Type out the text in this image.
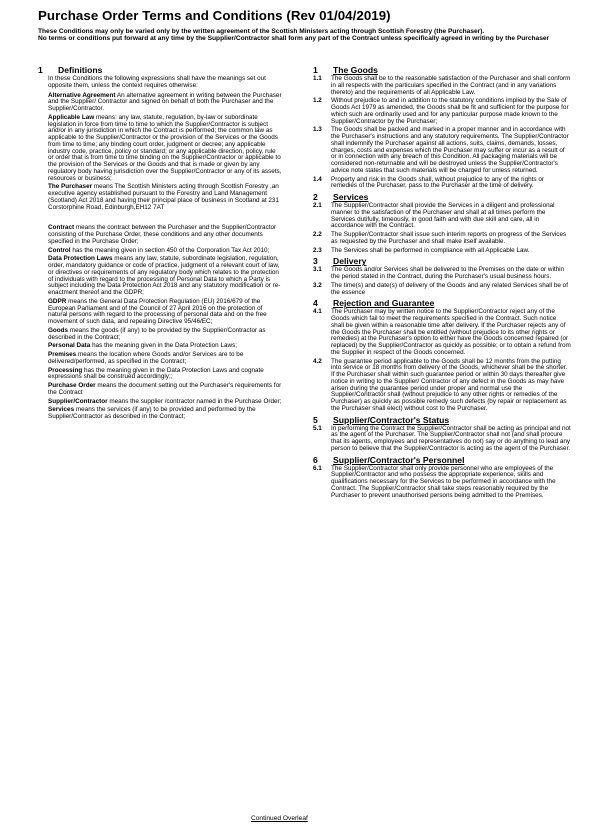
Purchase Order Terms and Conditions (Rev 01/04/2019)

These Conditions may only be varied only by the written agreement of the Scottish Ministers acting through Scottish Forestry (the Purchaser).

No terms or conditions put forward at any time by the Supplier/Contractor shall form any part of the Contract unless specifically agreed in writing by the Purchaser

1 Definitions

In these Conditions the following expressions shall have the meanings set out opposite them, unless the context requires otherwise:

Alternative Agreement An alternative agreement in writing between the Purchaser and the Supplier/ Contractor and signed on behalf of both the Purchaser and the Supplier/Contractor.

Applicable Law means: any law, statute, regulation, by-law or subordinate legislation in force from time to time to which the Supplier/Contractor is subject and/or in any jurisdiction in which the Contract is performed; the common law as applicable to the Supplier/Contractor or the provision of the Services or the Goods from time to time; any binding court order, judgment or decree; any applicable industry code, practice, policy or standard; or any applicable direction, policy, rule or order that is from time to time binding on the Supplier/Contractor or applicable to the provision of the Services or the Goods and that is made or given by any regulatory body having jurisdiction over the Supplier/Contractor or any of its assets, resources or business;

The Purchaser means The Scottish Ministers acting through Scottish Forestry ,an executive agency established pursuant to the Forestry and Land Management (Scotland) Act 2018 and having their principal place of business in Scotland at 231 Corstorphine Road, Edinburgh,EH12 7AT

Contract means the contract between the Purchaser and the Supplier/Contractor consisting of the Purchase Order, these conditions and any other documents specified in the Purchase Order;

Control has the meaning given in section 450 of the Corporation Tax Act 2010;

Data Protection Laws means any law, statute, subordinate legislation, regulation, order, mandatory guidance or code of practice, judgment of a relevant court of law, or directives or requirements of any regulatory body which relates to the protection of individuals with regard to the processing of Personal Data to which a Party is subject including the Data Protection Act 2018 and any statutory modification or re-enactment thereof and the GDPR;

GDPR means the General Data Protection Regulation (EU) 2016/679 of the European Parliament and of the Council of 27 April 2016 on the protection of natural persons with regard to the processing of personal data and on the free movement of such data, and repealing Directive 95/46/EC;

Goods means the goods (if any) to be provided by the Supplier/Contractor as described in the Contract;

Personal Data has the meaning given in the Data Protection Laws;

Premises means the location where Goods and/or Services are to be delivered/performed, as specified in the Contract;

Processing has the meaning given in the Data Protection Laws and cognate expressions shall be construed accordingly;;

Purchase Order means the document setting out the Purchaser's requirements for the Contract

Supplier/Contractor means the supplier /contractor named in the Purchase Order;

Services means the services (if any) to be provided and performed by the Supplier/Contractor as described in the Contract;

1 The Goods
1.1 The Goods shall be to the reasonable satisfaction of the Purchaser and shall conform in all respects with the particulars specified in the Contract (and in any variations thereto) and the requirements of all Applicable Law.
1.2 Without prejudice to and in addition to the statutory conditions implied by the Sale of Goods Act 1979 as amended, the Goods shall be fit and sufficient for the purpose for which such are ordinarily used and for any particular purpose made known to the Supplier/Contractor by the Purchaser;
1.3 The Goods shall be packed and marked in a proper manner and in accordance with the Purchaser's instructions and any statutory requirements. The Supplier/Contractor shall indemnify the Purchaser against all actions, suits, claims, demands, losses, charges, costs and expenses which the Purchaser may suffer or incur as a result of or in connection with any breach of this Condition. All packaging materials will be considered non-returnable and will be destroyed unless the Supplier/Contractor's advice note states that such materials will be charged for unless returned.
1.4 Property and risk in the Goods shall, without prejudice to any of the rights or remedies of the Purchaser, pass to the Purchaser at the time of delivery.
2 Services
2.1 The Supplier/Contractor shall provide the Services in a diligent and professional manner to the satisfaction of the Purchaser and shall at all times perform the Services dutifully, timeously, in good faith and with due skill and care, all in accordance with the Contract.
2.2 The Supplier/Contractor shall issue such interim reports on progress of the Services as requested by the Purchaser and shall make itself available.
2.3 The Services shall be performed in compliance with all Applicable Law.
3 Delivery
3.1 The Goods and/or Services shall be delivered to the Premises on the date or within the period stated in the Contract, during the Purchaser's usual business hours.
3.2 The time(s) and date(s) of delivery of the Goods and any related Services shall be of the essence
4 Rejection and Guarantee
4.1 The Purchaser may by written notice to the Supplier/Contractor reject any of the Goods which fail to meet the requirements specified in the Contract. Such notice shall be given within a reasonable time after delivery. If the Purchaser rejects any of the Goods the Purchaser shall be entitled (without prejudice to its other rights or remedies) at the Purchaser's option to either have the Goods concerned repaired (or replaced) by the Supplier/Contractor as quickly as possible; or to obtain a refund from the Supplier in respect of the Goods concerned.
4.2 The guarantee period applicable to the Goods shall be 12 months from the putting into service or 18 months from delivery of the Goods, whichever shall be the shorter. If the Purchaser shall within such guarantee period or within 30 days thereafter give notice in writing to the Supplier/ Contractor of any defect in the Goods as may have arisen during the guarantee period under proper and normal use the Supplier/Contractor shall (without prejudice to any other rights or remedies of the Purchaser) as quickly as possible remedy such defects (by repair or replacement as the Purchaser shall elect) without cost to the Purchaser.
5 Supplier/Contractor's Status
5.1 In performing the Contract the Supplier/Contractor shall be acting as principal and not as the agent of the Purchaser. The Supplier/Contractor shall not (and shall procure that its agents, employees and representatives do not) say or do anything to lead any person to believe that the Supplier/Contractor is acting as the agent of the Purchaser.
6 Supplier/Contractor's Personnel
6.1 The Supplier/Contractor shall only provide personnel who are employees of the Supplier/Contractor and who possess the appropriate experience, skills and qualifications necessary for the Services to be performed in accordance with the Contract. The Supplier/Contractor shall take steps reasonably required by the Purchaser to prevent unauthorised persons being admitted to the Premises.
Continued Overleaf
